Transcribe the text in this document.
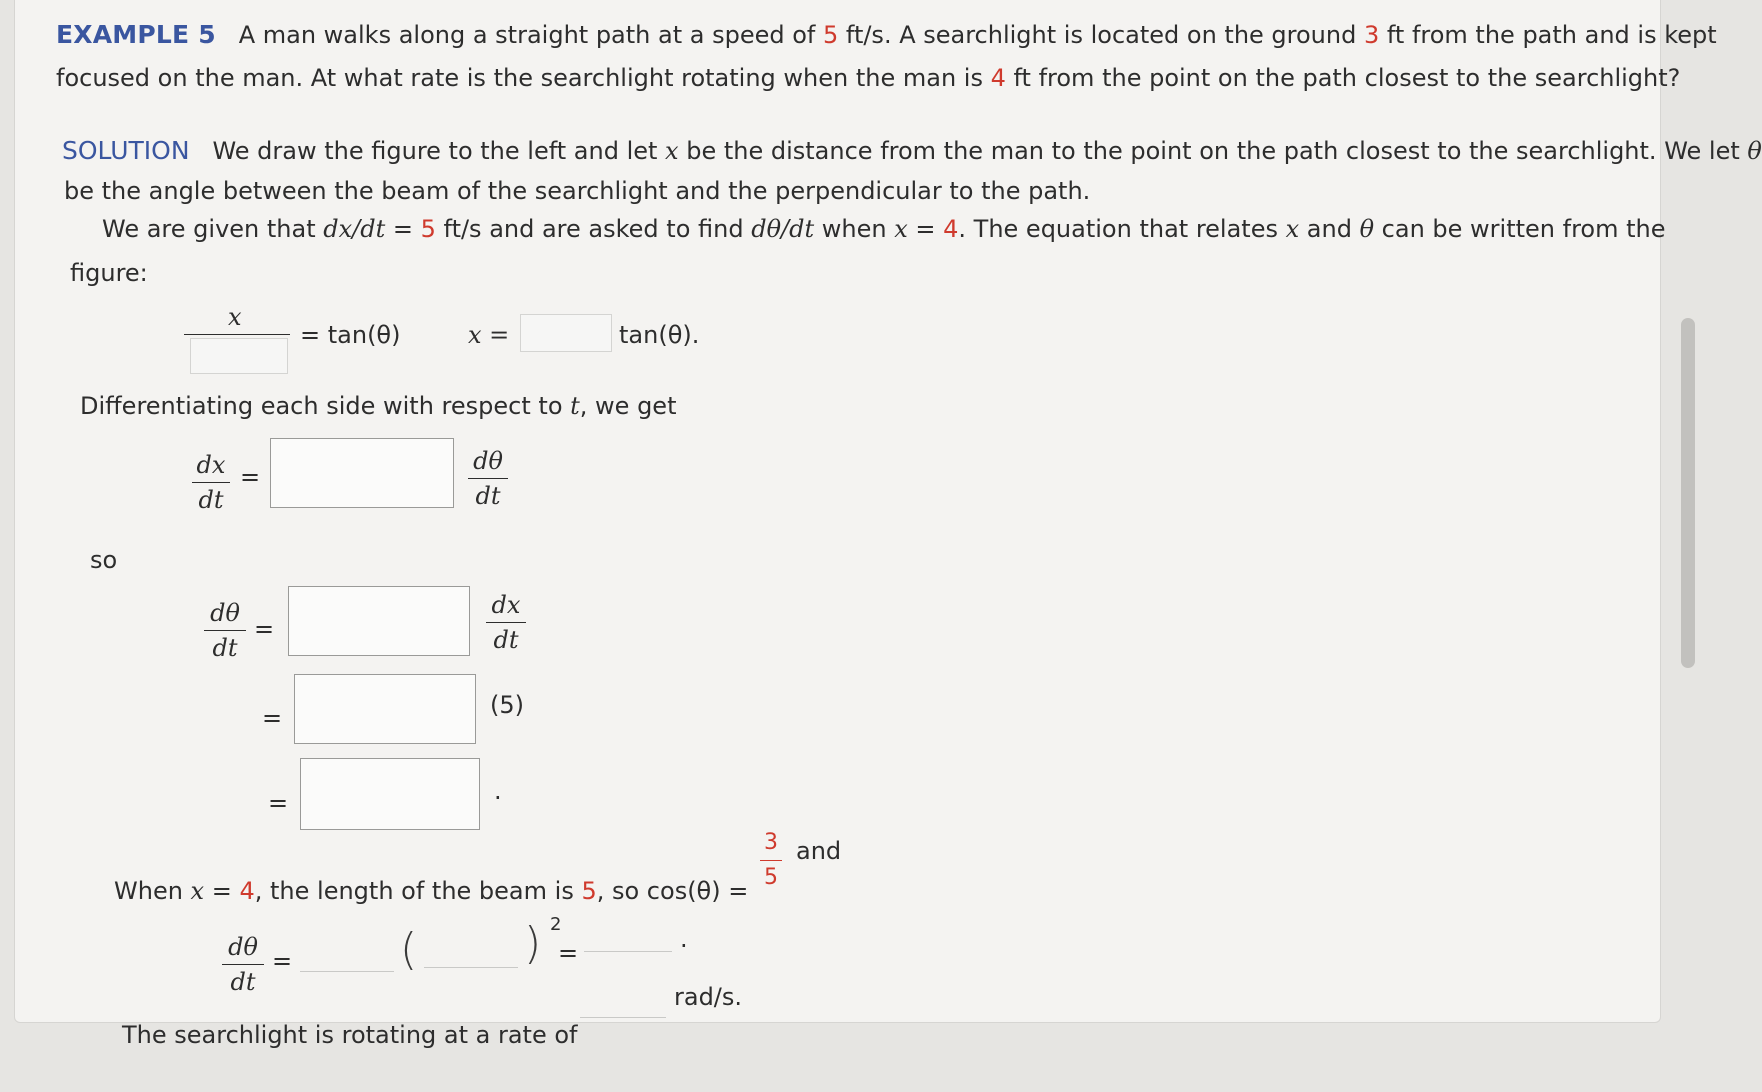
EXAMPLE 5 A man walks along a straight path at a speed of 5 ft/s. A searchlight is located on the ground 3 ft from the path and is kept
focused on the man. At what rate is the searchlight rotating when the man is 4 ft from the point on the path closest to the searchlight?
SOLUTION We draw the figure to the left and let x be the distance from the man to the point on the path closest to the searchlight. We let θ
be the angle between the beam of the searchlight and the perpendicular to the path.
We are given that dx/dt = 5 ft/s and are asked to find dθ/dt when x = 4. The equation that relates x and θ can be written from the
figure:
x
= tan(θ)	x =	tan(θ).
Differentiating each side with respect to t, we get
dx
dt
=
dθ
dt
so
dθ
dt
=
dx
dt
=	(5)
=	.
When x = 4, the length of the beam is 5, so cos(θ) =
3
5
and
dθ
dt
= ( ) 2
=	.
The searchlight is rotating at a rate of
rad/s.
